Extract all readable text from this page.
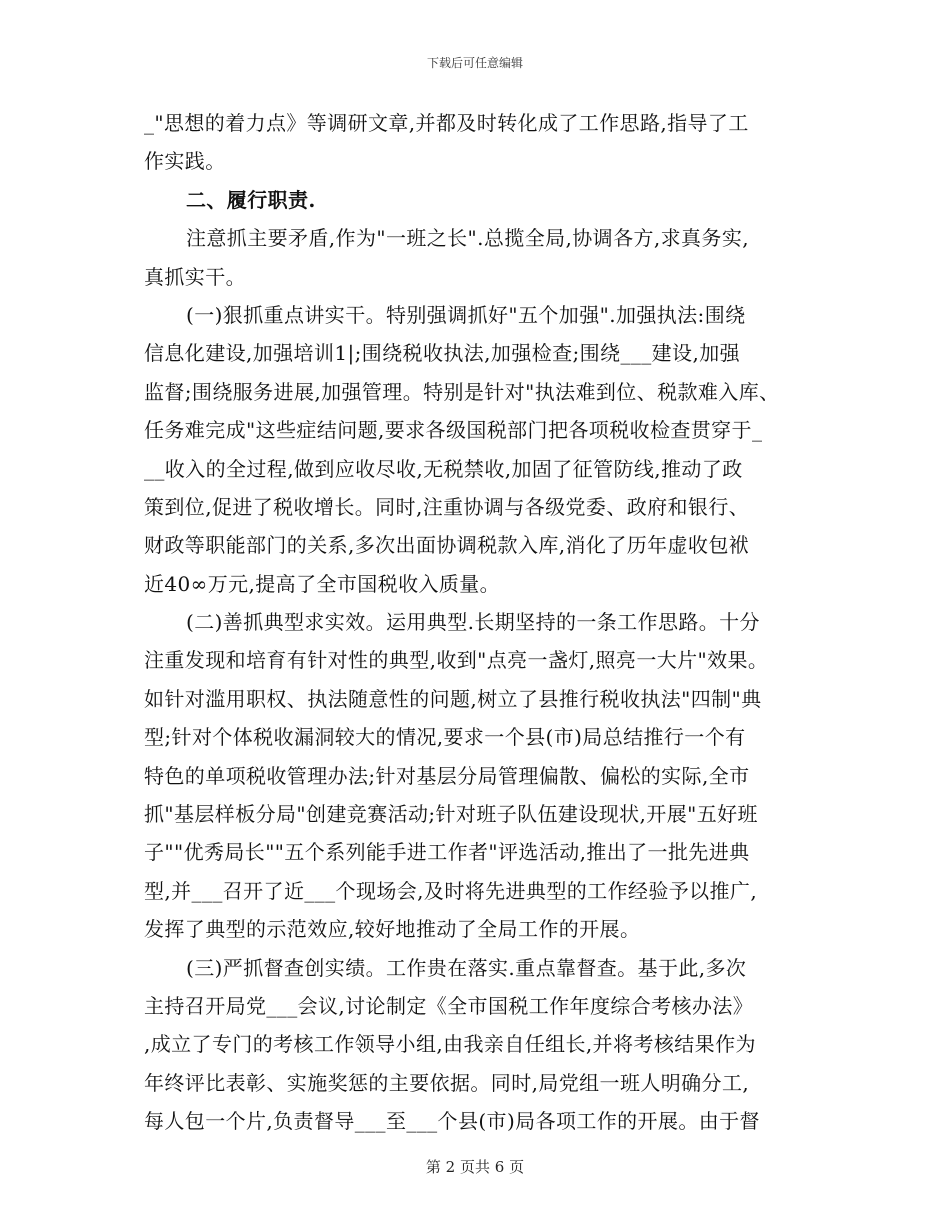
下载后可任意编辑
_"思想的着力点》等调研文章,并都及时转化成了工作思路,指导了工
作实践。
二、履行职责.
注意抓主要矛盾,作为"一班之长".总揽全局,协调各方,求真务实,
真抓实干。
(一)狠抓重点讲实干。特别强调抓好"五个加强".加强执法:围绕
信息化建设,加强培训1|;围绕税收执法,加强检查;围绕___建设,加强
监督;围绕服务进展,加强管理。特别是针对"执法难到位、税款难入库、
任务难完成"这些症结问题,要求各级国税部门把各项税收检查贯穿于_
__收入的全过程,做到应收尽收,无税禁收,加固了征管防线,推动了政
策到位,促进了税收增长。同时,注重协调与各级党委、政府和银行、
财政等职能部门的关系,多次出面协调税款入库,消化了历年虚收包袱
近40∞万元,提高了全市国税收入质量。
(二)善抓典型求实效。运用典型.长期坚持的一条工作思路。十分
注重发现和培育有针对性的典型,收到"点亮一盏灯,照亮一大片"效果。
如针对滥用职权、执法随意性的问题,树立了县推行税收执法"四制"典
型;针对个体税收漏洞较大的情况,要求一个县(市)局总结推行一个有
特色的单项税收管理办法;针对基层分局管理偏散、偏松的实际,全市
抓"基层样板分局"创建竞赛活动;针对班子队伍建设现状,开展"五好班
子""优秀局长""五个系列能手进工作者"评选活动,推出了一批先进典
型,并___召开了近___个现场会,及时将先进典型的工作经验予以推广,
发挥了典型的示范效应,较好地推动了全局工作的开展。
(三)严抓督查创实绩。工作贵在落实.重点靠督查。基于此,多次
主持召开局党___会议,讨论制定《全市国税工作年度综合考核办法》
,成立了专门的考核工作领导小组,由我亲自任组长,并将考核结果作为
年终评比表彰、实施奖惩的主要依据。同时,局党组一班人明确分工,
每人包一个片,负责督导___至___个县(市)局各项工作的开展。由于督
第 2 页共 6 页
